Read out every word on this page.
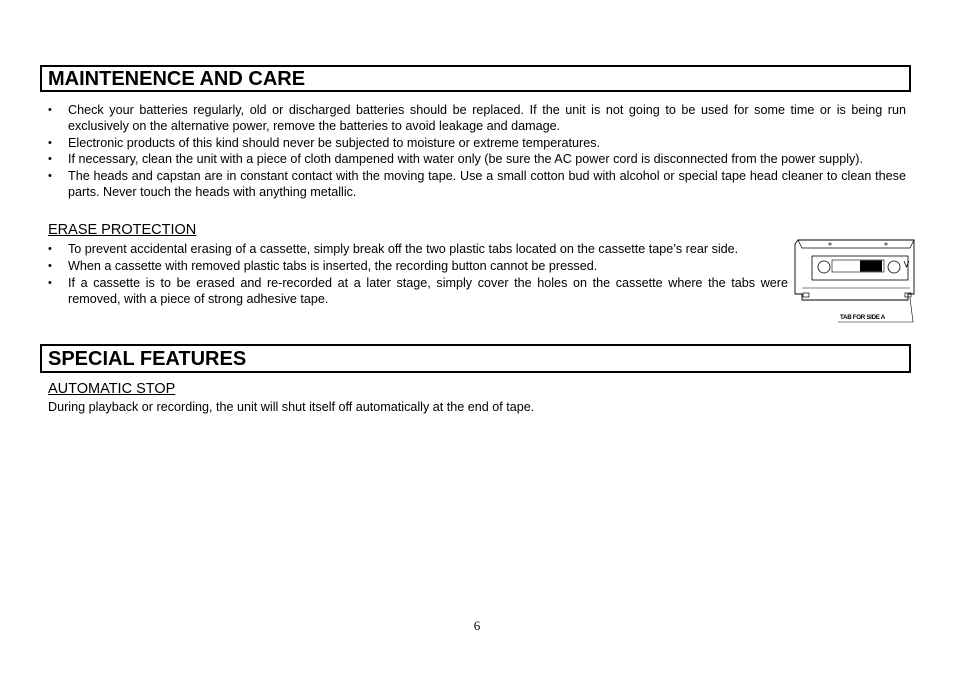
MAINTENENCE AND CARE
• Check your batteries regularly, old or discharged batteries should be replaced. If the unit is not going to be used for some time or is being run exclusively on the alternative power, remove the batteries to avoid leakage and damage.
• Electronic products of this kind should never be subjected to moisture or extreme temperatures.
• If necessary, clean the unit with a piece of cloth dampened with water only (be sure the AC power cord is disconnected from the power supply).
• The heads and capstan are in constant contact with the moving tape. Use a small cotton bud with alcohol or special tape head cleaner to clean these parts. Never touch the heads with anything metallic.
ERASE PROTECTION
• To prevent accidental erasing of a cassette, simply break off the two plastic tabs located on the cassette tape’s rear side.
• When a cassette with removed plastic tabs is inserted, the recording button cannot be pressed.
• If a cassette is to be erased and re-recorded at a later stage, simply cover the holes on the cassette where the tabs were removed, with a piece of strong adhesive tape.
TAB FOR SIDE A
SPECIAL FEATURES
AUTOMATIC STOP
During playback or recording, the unit will shut itself off automatically at the end of tape.
6
